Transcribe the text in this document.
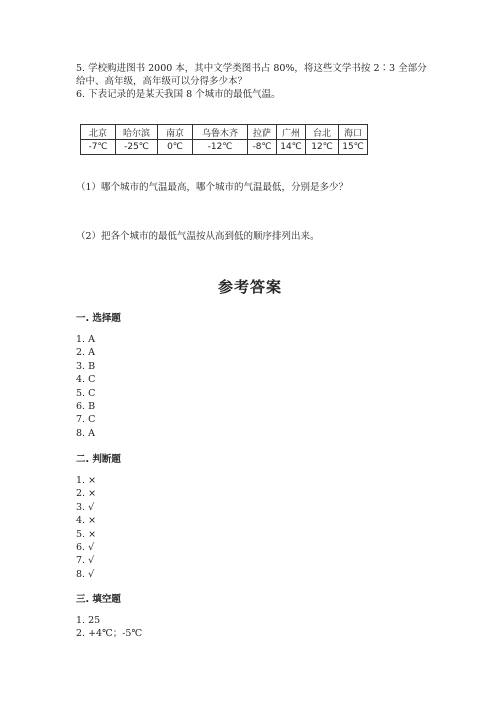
5. 学校购进图书 2000 本，其中文学类图书占 80%，将这些文学书按 2∶3 全部分
给中、高年级，高年级可以分得多少本？
6. 下表记录的是某天我国 8 个城市的最低气温。
北京	哈尔滨	南京	乌鲁木齐	拉萨	广州	台北	海口
-7℃	-25℃	0℃	-12℃	-8℃	14℃	12℃	15℃
（1）哪个城市的气温最高，哪个城市的气温最低，分别是多少？
（2）把各个城市的最低气温按从高到低的顺序排列出来。
参考答案
一. 选择题
1. A
2. A
3. B
4. C
5. C
6. B
7. C
8. A
二. 判断题
1. ×
2. ×
3. √
4. ×
5. ×
6. √
7. √
8. √
三. 填空题
1. 25
2. +4℃；-5℃
